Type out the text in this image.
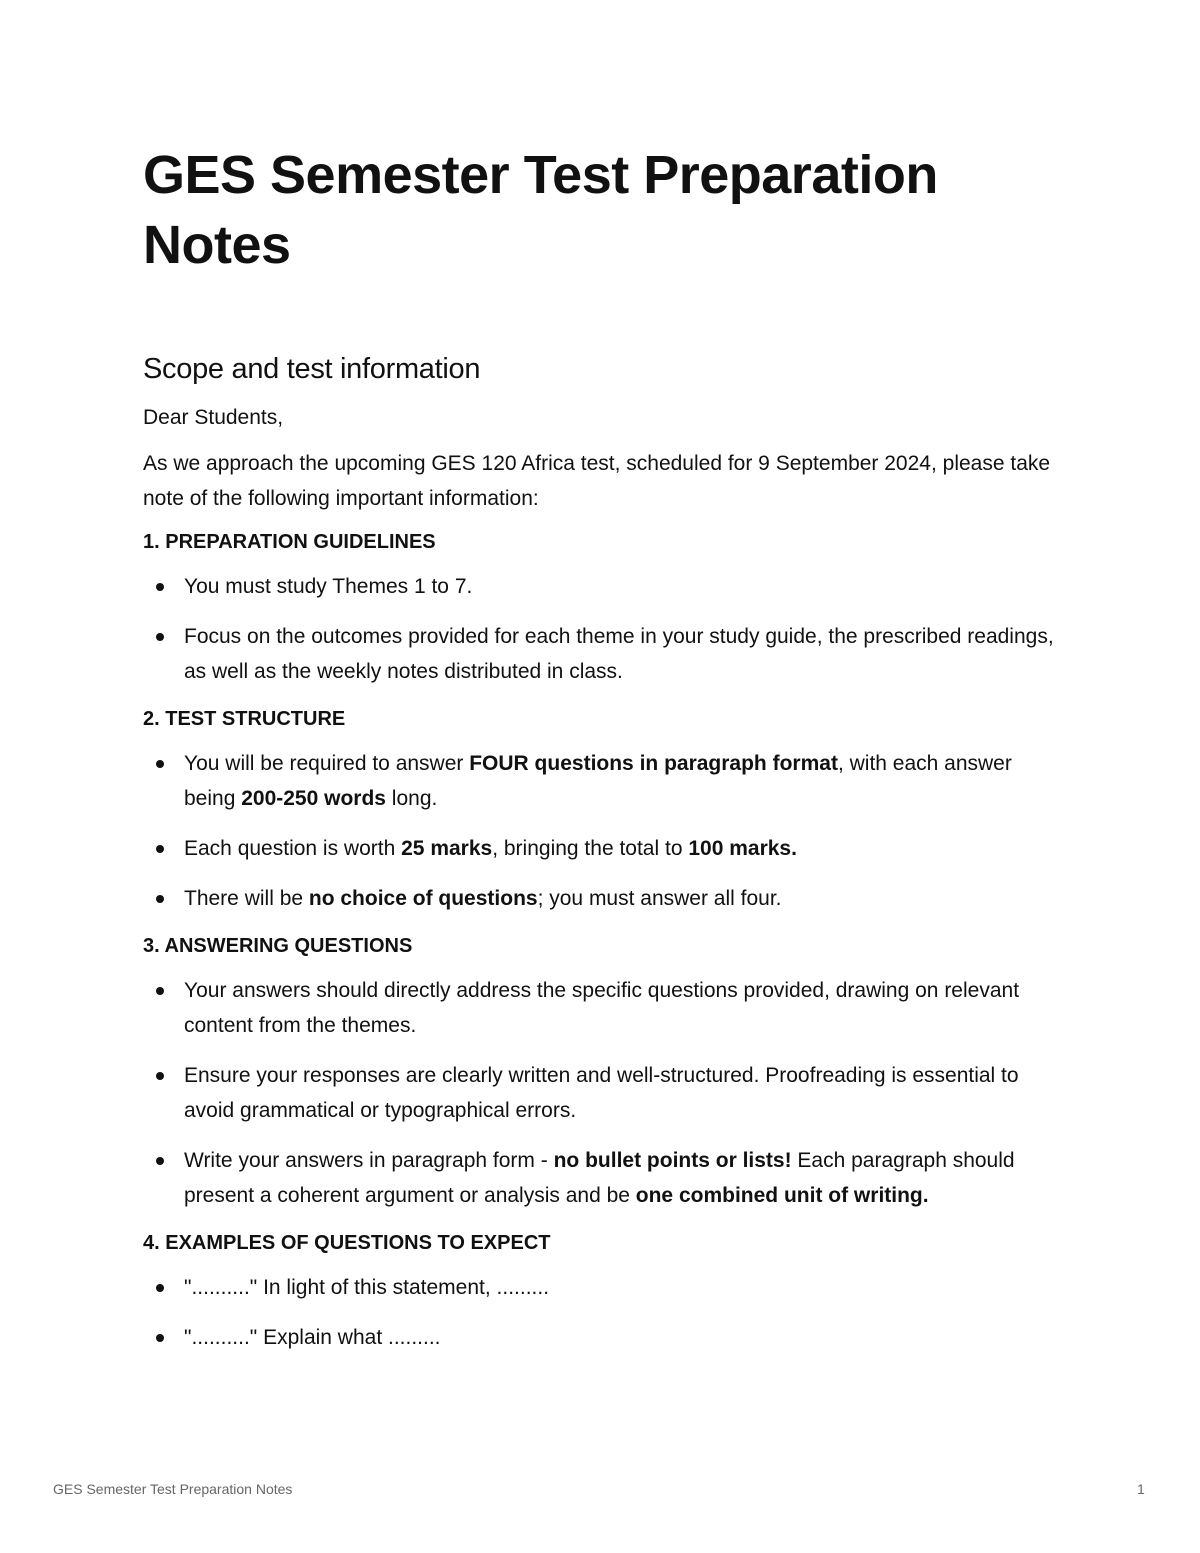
GES Semester Test Preparation Notes
Scope and test information

Dear Students,

As we approach the upcoming GES 120 Africa test, scheduled for 9 September 2024, please take note of the following important information:

1. PREPARATION GUIDELINES

You must study Themes 1 to 7.
Focus on the outcomes provided for each theme in your study guide, the prescribed readings, as well as the weekly notes distributed in class.

2. TEST STRUCTURE

You will be required to answer FOUR questions in paragraph format, with each answer being 200-250 words long.
Each question is worth 25 marks, bringing the total to 100 marks.
There will be no choice of questions; you must answer all four.

3. ANSWERING QUESTIONS

Your answers should directly address the specific questions provided, drawing on relevant content from the themes.
Ensure your responses are clearly written and well-structured. Proofreading is essential to avoid grammatical or typographical errors.
Write your answers in paragraph form - no bullet points or lists! Each paragraph should present a coherent argument or analysis and be one combined unit of writing.

4. EXAMPLES OF QUESTIONS TO EXPECT

".........." In light of this statement, .........
".........." Explain what .........
GES Semester Test Preparation Notes	1
